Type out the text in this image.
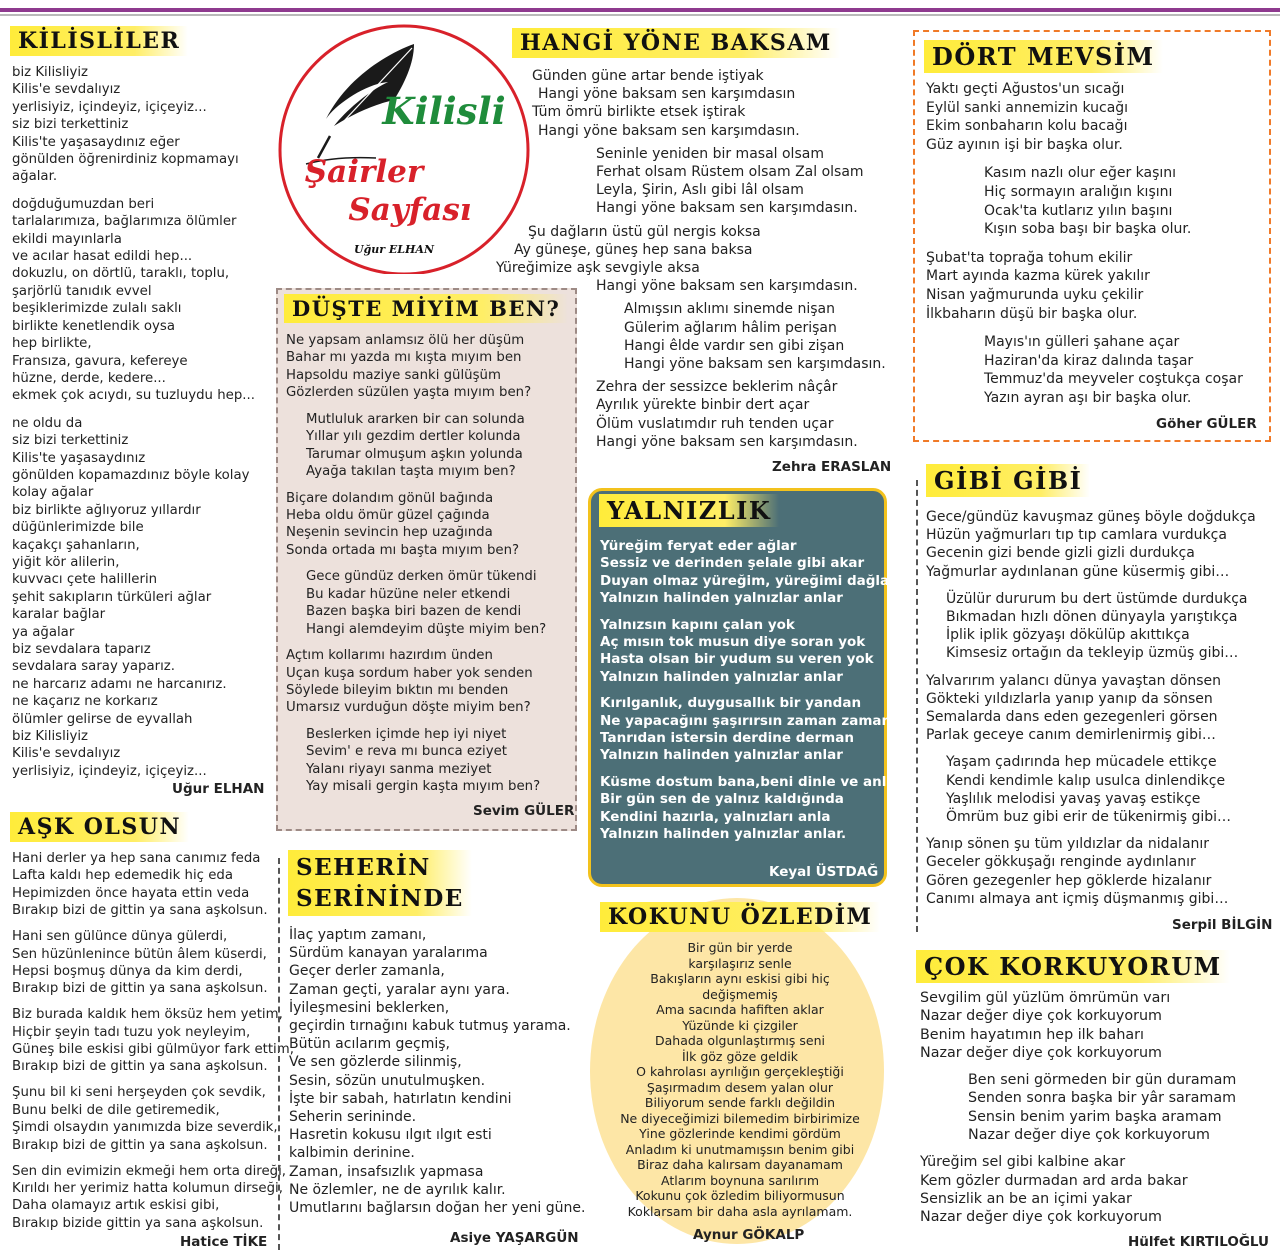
Kilisli
Şairler
Sayfası
Uğur ELHAN
KİLİSLİLER
biz Kilisliyiz
Kilis'e sevdalıyız
yerlisiyiz, içindeyiz, içiçeyiz...
siz bizi terkettiniz
Kilis'te yaşasaydınız eğer
gönülden öğrenirdiniz kopmamayı
ağalar.
doğduğumuzdan beri
tarlalarımıza, bağlarımıza ölümler
ekildi mayınlarla
ve acılar hasat edildi hep...
dokuzlu, on dörtlü, taraklı, toplu,
şarjörlü tanıdık evvel
beşiklerimizde zulalı saklı
birlikte kenetlendik oysa
hep birlikte,
Fransıza, gavura, kefereye
hüzne, derde, kedere...
ekmek çok acıydı, su tuzluydu hep...
ne oldu da
siz bizi terkettiniz
Kilis'te yaşasaydınız
gönülden kopamazdınız böyle kolay
kolay ağalar
biz birlikte ağlıyoruz yıllardır
düğünlerimizde bile
kaçakçı şahanların,
yiğit kör alilerin,
kuvvacı çete halillerin
şehit sakıpların türküleri ağlar
karalar bağlar
ya ağalar
biz sevdalara taparız
sevdalara saray yaparız.
ne harcarız adamı ne harcanırız.
ne kaçarız ne korkarız
ölümler gelirse de eyvallah
biz Kilisliyiz
Kilis'e sevdalıyız
yerlisiyiz, içindeyiz, içiçeyiz...
Uğur ELHAN
AŞK OLSUN
Hani derler ya hep sana canımız feda
Lafta kaldı hep edemedik hiç eda
Hepimizden önce hayata ettin veda
Bırakıp bizi de gittin ya sana aşkolsun.
Hani sen gülünce dünya gülerdi,
Sen hüzünlenince bütün âlem küserdi,
Hepsi boşmuş dünya da kim derdi,
Bırakıp bizi de gittin ya sana aşkolsun.
Biz burada kaldık hem öksüz hem yetim,
Hiçbir şeyin tadı tuzu yok neyleyim,
Güneş bile eskisi gibi gülmüyor fark ettim,
Bırakıp bizi de gittin ya sana aşkolsun.
Şunu bil ki seni herşeyden çok sevdik,
Bunu belki de dile getiremedik,
Şimdi olsaydın yanımızda bize severdik,
Bırakıp bizi de gittin ya sana aşkolsun.
Sen din evimizin ekmeği hem orta direği,
Kırıldı her yerimiz hatta kolumun dirseği,
Daha olamayız artık eskisi gibi,
Bırakıp bizide gittin ya sana aşkolsun.
Hatice TİKE
HANGİ YÖNE BAKSAM
Günden güne artar bende iştiyak
Hangi yöne baksam sen karşımdasın
Tüm ömrü birlikte etsek iştirak
Hangi yöne baksam sen karşımdasın.
Seninle yeniden bir masal olsam
Ferhat olsam Rüstem olsam Zal olsam
Leyla, Şirin, Aslı gibi lâl olsam
Hangi yöne baksam sen karşımdasın.
Şu dağların üstü gül nergis koksa
Ay güneşe, güneş hep sana baksa
Yüreğimize aşk sevgiyle aksa
Hangi yöne baksam sen karşımdasın.
Almışsın aklımı sinemde nişan
Gülerim ağlarım hâlim perişan
Hangi êlde vardır sen gibi zişan
Hangi yöne baksam sen karşımdasın.
Zehra der sessizce beklerim nâçâr
Ayrılık yürekte binbir dert açar
Ölüm vuslatımdır ruh tenden uçar
Hangi yöne baksam sen karşımdasın.
Zehra ERASLAN
DÜŞTE MİYİM BEN?
Ne yapsam anlamsız ölü her düşüm
Bahar mı yazda mı kışta mıyım ben
Hapsoldu maziye sanki gülüşüm
Gözlerden süzülen yaşta mıyım ben?
Mutluluk ararken bir can solunda
Yıllar yılı gezdim dertler kolunda
Tarumar olmuşum aşkın yolunda
Ayağa takılan taşta mıyım ben?
Biçare dolandım gönül bağında
Heba oldu ömür güzel çağında
Neşenin sevincin hep uzağında
Sonda ortada mı başta mıyım ben?
Gece gündüz derken ömür tükendi
Bu kadar hüzüne neler etkendi
Bazen başka biri bazen de kendi
Hangi alemdeyim düşte miyim ben?
Açtım kollarımı hazırdım ünden
Uçan kuşa sordum haber yok senden
Söylede bileyim bıktın mı benden
Umarsız vurduğun döşte miyim ben?
Beslerken içimde hep iyi niyet
Sevim' e reva mı bunca eziyet
Yalanı riyayı sanma meziyet
Yay misali gergin kaşta mıyım ben?
Sevim GÜLER
YALNIZLIK
Yüreğim feryat eder ağlar
Sessiz ve derinden şelale gibi akar
Duyan olmaz yüreğim, yüreğimi dağlar
Yalnızın halinden yalnızlar anlar
Yalnızsın kapını çalan yok
Aç mısın tok musun diye soran yok
Hasta olsan bir yudum su veren yok
Yalnızın halinden yalnızlar anlar
Kırılganlık, duygusallık bir yandan
Ne yapacağını şaşırırsın zaman zaman
Tanrıdan istersin derdine derman
Yalnızın halinden yalnızlar anlar
Küsme dostum bana,beni dinle ve anla
Bir gün sen de yalnız kaldığında
Kendini hazırla, yalnızları anla
Yalnızın halinden yalnızlar anlar.
Keyal ÜSTDAĞ
SEHERİN
SERİNİNDE
İlaç yaptım zamanı,
Sürdüm kanayan yaralarıma
Geçer derler zamanla,
Zaman geçti, yaralar aynı yara.
İyileşmesini beklerken,
geçirdin tırnağını kabuk tutmuş yarama.
Bütün acılarım geçmiş,
Ve sen gözlerde silinmiş,
Sesin, sözün unutulmuşken.
İşte bir sabah, hatırlatın kendini
Seherin serininde.
Hasretin kokusu ılgıt ılgıt esti
kalbimin derinine.
Zaman, insafsızlık yapmasa
Ne özlemler, ne de ayrılık kalır.
Umutlarını bağlarsın doğan her yeni güne.
Asiye YAŞARGÜN
KOKUNU ÖZLEDİM
Bir gün bir yerde
karşılaşırız senle
Bakışların aynı eskisi gibi hiç
değişmemiş
Ama sacında hafiften aklar
Yüzünde ki çizgiler
Dahada olgunlaştırmış seni
İlk göz göze geldik
O kahrolası ayrılığın gerçekleştiği
Şaşırmadım desem yalan olur
Biliyorum sende farklı değildin
Ne diyeceğimizi bilemedim birbirimize
Yine gözlerinde kendimi gördüm
Anladım ki unutmamışsın benim gibi
Biraz daha kalırsam dayanamam
Atlarım boynuna sarılırım
Kokunu çok özledim biliyormusun
Koklarsam bir daha asla ayrılamam.
Aynur GÖKALP
DÖRT MEVSİM
Yaktı geçti Ağustos'un sıcağı
Eylül sanki annemizin kucağı
Ekim sonbaharın kolu bacağı
Güz ayının işi bir başka olur.
Kasım nazlı olur eğer kaşını
Hiç sormayın aralığın kışını
Ocak'ta kutlarız yılın başını
Kışın soba başı bir başka olur.
Şubat'ta toprağa tohum ekilir
Mart ayında kazma kürek yakılır
Nisan yağmurunda uyku çekilir
İlkbaharın düşü bir başka olur.
Mayıs'ın gülleri şahane açar
Haziran'da kiraz dalında taşar
Temmuz'da meyveler coştukça coşar
Yazın ayran aşı bir başka olur.
Göher GÜLER
GİBİ GİBİ
Gece/gündüz kavuşmaz güneş böyle doğdukça
Hüzün yağmurları tıp tıp camlara vurdukça
Gecenin gizi bende gizli gizli durdukça
Yağmurlar aydınlanan güne küsermiş gibi…
Üzülür dururum bu dert üstümde durdukça
Bıkmadan hızlı dönen dünyayla yarıştıkça
İplik iplik gözyaşı dökülüp akıttıkça
Kimsesiz ortağın da tekleyip üzmüş gibi…
Yalvarırım yalancı dünya yavaştan dönsen
Gökteki yıldızlarla yanıp yanıp da sönsen
Semalarda dans eden gezegenleri görsen
Parlak geceye canım demirlenirmiş gibi…
Yaşam çadırında hep mücadele ettikçe
Kendi kendimle kalıp usulca dinlendikçe
Yaşlılık melodisi yavaş yavaş estikçe
Ömrüm buz gibi erir de tükenirmiş gibi…
Yanıp sönen şu tüm yıldızlar da nidalanır
Geceler gökkuşağı renginde aydınlanır
Gören gezegenler hep göklerde hizalanır
Canımı almaya ant içmiş düşmanmış gibi…
Serpil BİLGİN
ÇOK KORKUYORUM
Sevgilim gül yüzlüm ömrümün varı
Nazar değer diye çok korkuyorum
Benim hayatımın hep ilk baharı
Nazar değer diye çok korkuyorum
Ben seni görmeden bir gün duramam
Senden sonra başka bir yâr saramam
Sensin benim yarim başka aramam
Nazar değer diye çok korkuyorum
Yüreğim sel gibi kalbine akar
Kem gözler durmadan ard arda bakar
Sensizlik an be an içimi yakar
Nazar değer diye çok korkuyorum
Hülfet KIRTILOĞLU
